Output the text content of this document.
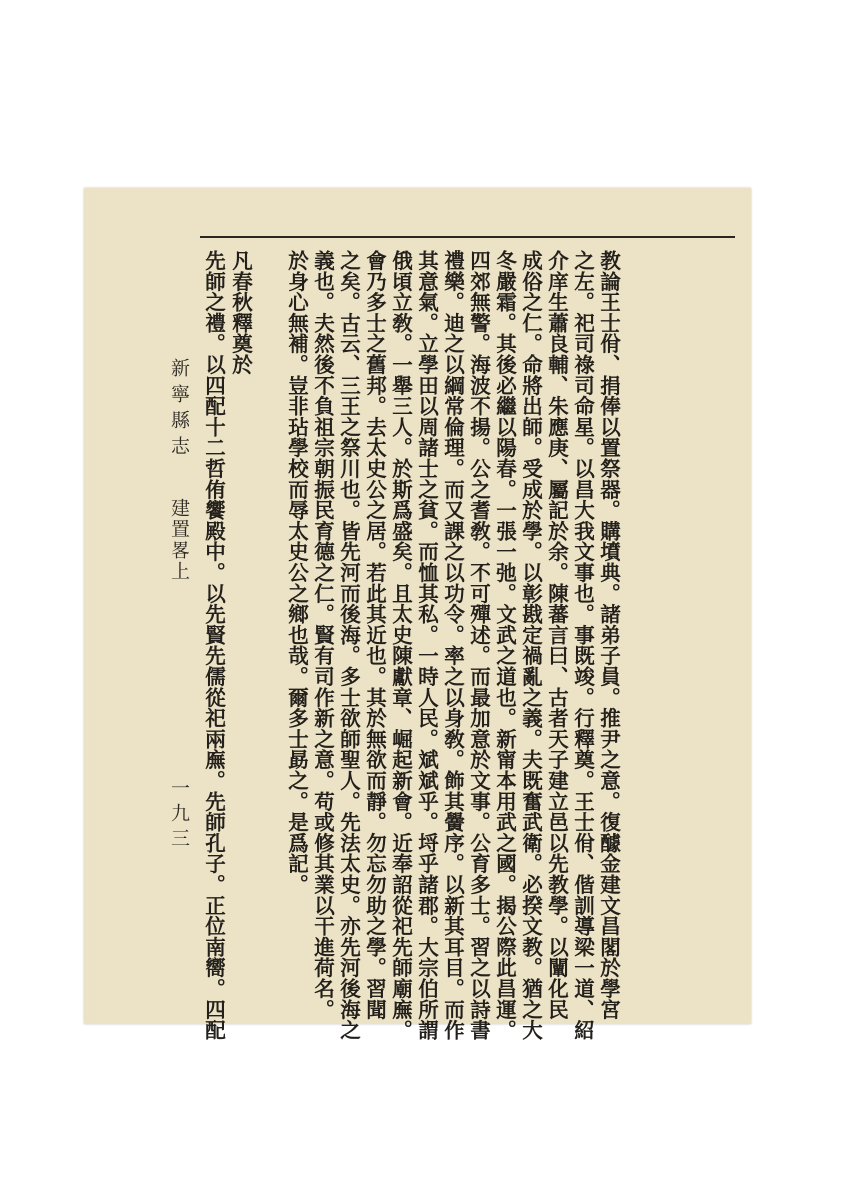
教論王士佾、捐俸以置祭器。購墳典。諸弟子員。推尹之意。復醵金建文昌閣於學宮
之左。祀司祿司命星。以昌大我文事也。事既竣。行釋奠。王士佾、偕訓導梁一道、紹
介庠生蕭良輔、朱應庚、屬記於余。陳蕃言曰、古者天子建立邑以先教學。以闡化民
成俗之仁。命將出師。受成於學。以彰戡定禍亂之義。夫既奮武衛。必揆文教。猶之大
冬嚴霜。其後必繼以陽春。一張一弛。文武之道也。新甯本用武之國。揭公際此昌運。
四郊無警。海波不揚。公之耆敎。不可殫述。而最加意於文事。公育多士。習之以詩書
禮樂。迪之以綱常倫理。而又課之以功令。率之以身敎。飾其黌序。以新其耳目。而作
其意氣。立學田以周諸士之貧。而恤其私。一時人民。斌斌乎。埒乎諸郡。大宗伯所謂
俄頃立敎。一舉三人。於斯爲盛矣。且太史陳獻章、崛起新會。近奉詔從祀先師廟廡。
會乃多士之舊邦。去太史公之居。若此其近也。其於無欲而靜。勿忘勿助之學。習聞
之矣。古云、三王之祭川也。皆先河而後海。多士欲師聖人。先法太史。亦先河後海之
義也。夫然後不負祖宗朝振民育德之仁。賢有司作新之意。苟或修其業以干進荷名。
於身心無補。豈非玷學校而辱太史公之鄉也哉。爾多士勗之。是爲記。
凡春秋釋奠於
先師之禮。以四配十二哲侑饗殿中。以先賢先儒從祀兩廡。先師孔子。正位南嚮。四配
新寧縣志
建置畧上
一九三
